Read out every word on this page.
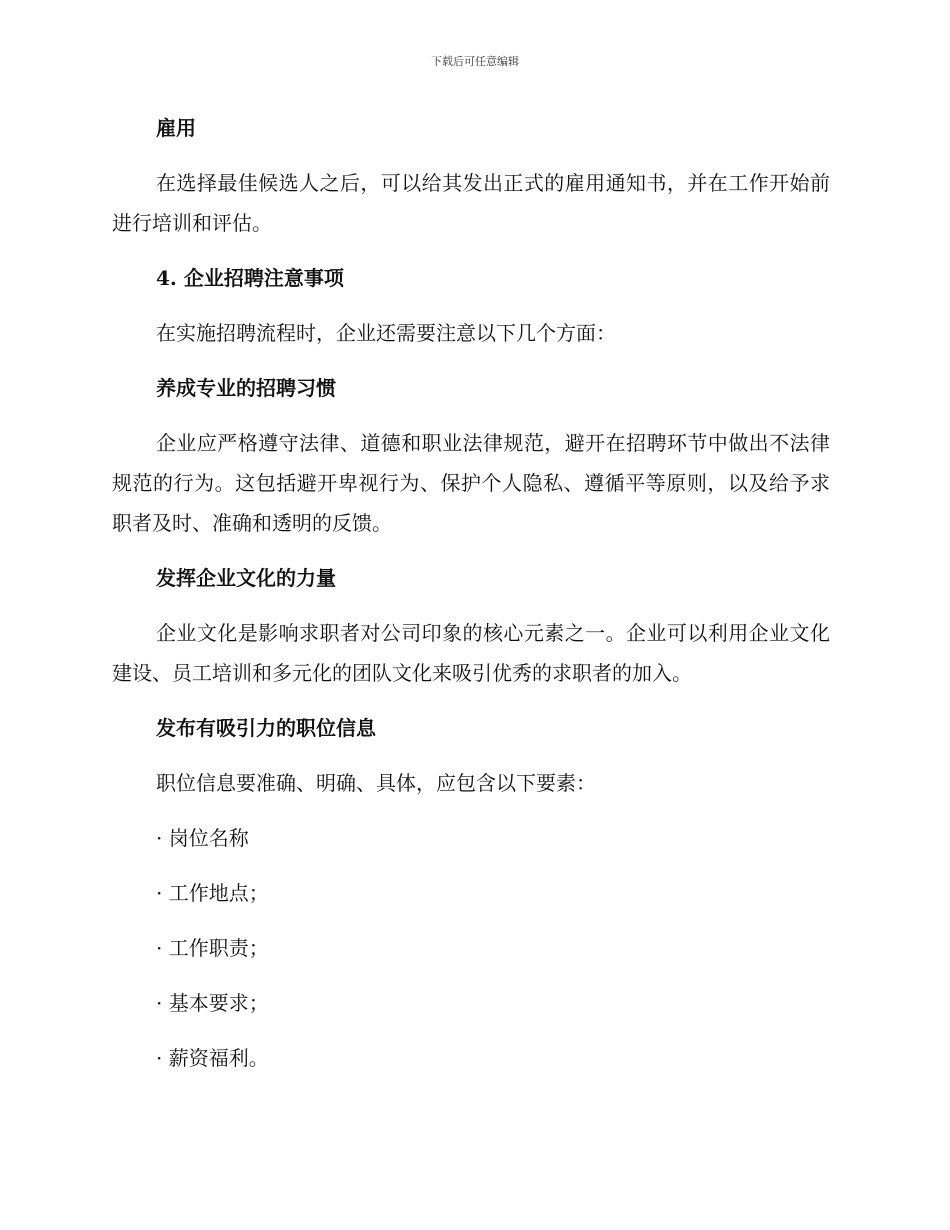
下载后可任意编辑
雇用

在选择最佳候选人之后，可以给其发出正式的雇用通知书，并在工作开始前进行培训和评估。

4. 企业招聘注意事项

在实施招聘流程时，企业还需要注意以下几个方面：

养成专业的招聘习惯

企业应严格遵守法律、道德和职业法律规范，避开在招聘环节中做出不法律规范的行为。这包括避开卑视行为、保护个人隐私、遵循平等原则，以及给予求职者及时、准确和透明的反馈。

发挥企业文化的力量

企业文化是影响求职者对公司印象的核心元素之一。企业可以利用企业文化建设、员工培训和多元化的团队文化来吸引优秀的求职者的加入。

发布有吸引力的职位信息

职位信息要准确、明确、具体，应包含以下要素：

· 岗位名称
· 工作地点；
· 工作职责；
· 基本要求；
· 薪资福利。
